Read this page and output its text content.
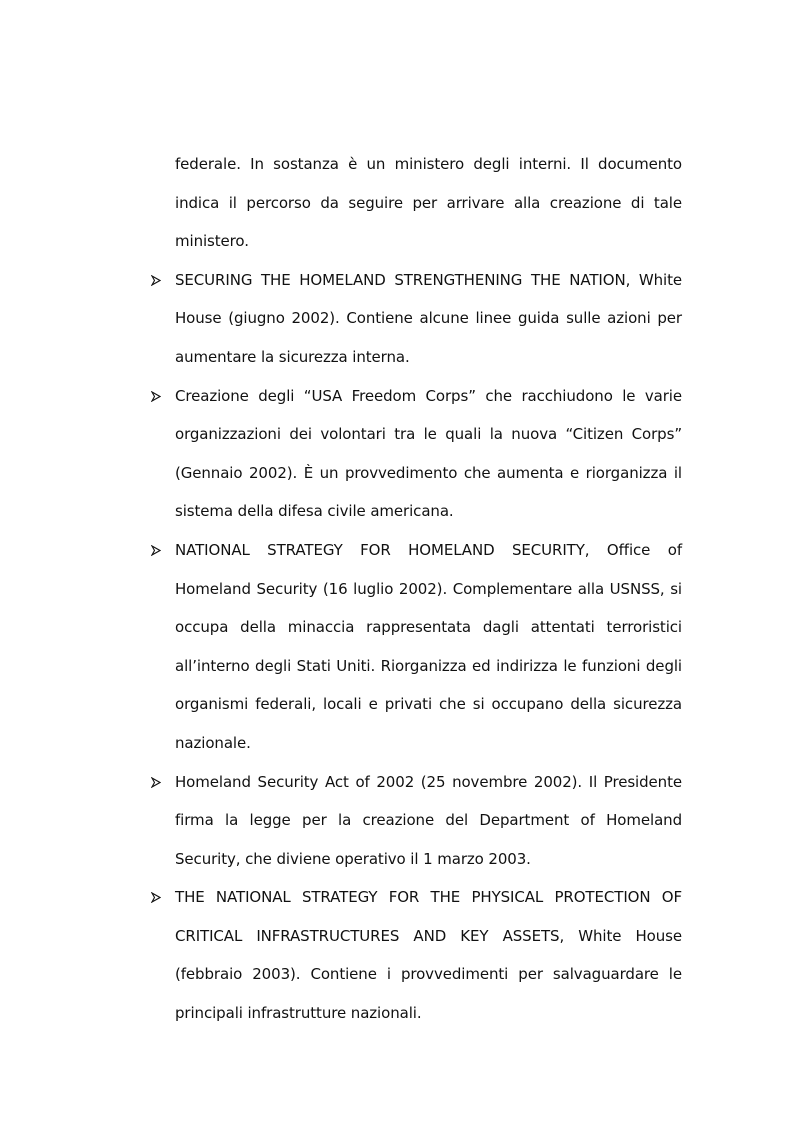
federale. In sostanza è un ministero degli interni. Il documento indica il percorso da seguire per arrivare alla creazione di tale ministero.

SECURING THE HOMELAND STRENGTHENING THE NATION, White House (giugno 2002). Contiene alcune linee guida sulle azioni per aumentare la sicurezza interna.

Creazione degli “USA Freedom Corps” che racchiudono le varie organizzazioni dei volontari tra le quali la nuova “Citizen Corps” (Gennaio 2002). È un provvedimento che aumenta e riorganizza il sistema della difesa civile americana.

NATIONAL STRATEGY FOR HOMELAND SECURITY, Office of Homeland Security (16 luglio 2002). Complementare alla USNSS, si occupa della minaccia rappresentata dagli attentati terroristici all’interno degli Stati Uniti. Riorganizza ed indirizza le funzioni degli organismi federali, locali e privati che si occupano della sicurezza nazionale.

Homeland Security Act of 2002 (25 novembre 2002). Il Presidente firma la legge per la creazione del Department of Homeland Security, che diviene operativo il 1 marzo 2003.

THE NATIONAL STRATEGY FOR THE PHYSICAL PROTECTION OF CRITICAL INFRASTRUCTURES AND KEY ASSETS, White House (febbraio 2003). Contiene i provvedimenti per salvaguardare le principali infrastrutture nazionali.
